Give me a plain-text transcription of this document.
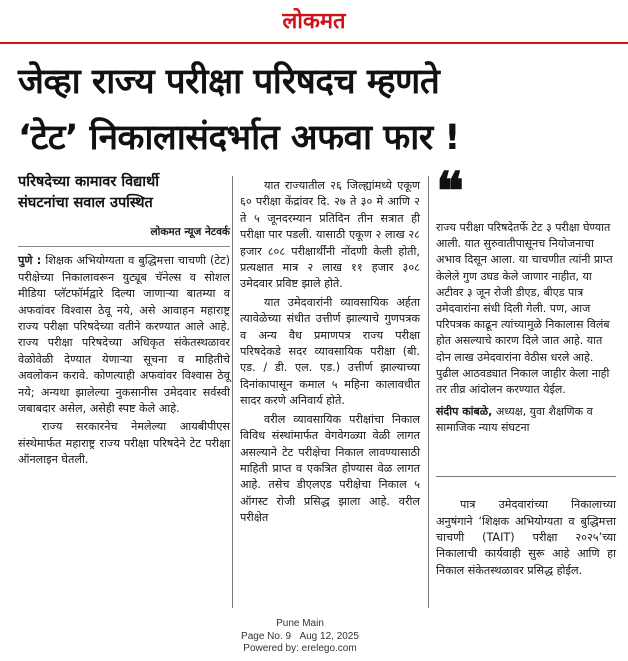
लोकमत
जेव्हा राज्य परीक्षा परिषदच म्हणते
‘टेट’ निकालासंदर्भात अफवा फार !
परिषदेच्या कामावर विद्यार्थी
संघटनांचा सवाल उपस्थित
लोकमत न्यूज नेटवर्क

पुणे : शिक्षक अभियोग्यता व बुद्धिमत्ता चाचणी (टेट) परीक्षेच्या निकालावरून युट्यूब चॅनेल्स व सोशल मीडिया प्लॅटफॉर्मद्वारे दिल्या जाणाऱ्या बातम्या व अफवांवर विश्वास ठेवू नये, असे आवाहन महाराष्ट्र राज्य परीक्षा परिषदेच्या वतीने करण्यात आले आहे. राज्य परीक्षा परिषदेच्या अधिकृत संकेतस्थळावर वेळोवेळी देण्यात येणाऱ्या सूचना व माहितीचे अवलोकन करावे. कोणत्याही अफवांवर विश्वास ठेवू नये; अन्यथा झालेल्या नुकसानीस उमेदवार सर्वस्वी जबाबदार असेल, असेही स्पष्ट केले आहे.

राज्य सरकारनेच नेमलेल्या आयबीपीएस संस्थेमार्फत महाराष्ट्र राज्य परीक्षा परिषदेने टेट परीक्षा ऑनलाइन घेतली.

यात राज्यातील २६ जिल्ह्यांमध्ये एकूण ६० परीक्षा केंद्रांवर दि. २७ ते ३० मे आणि २ ते ५ जूनदरम्यान प्रतिदिन तीन सत्रात ही परीक्षा पार पडली. यासाठी एकूण २ लाख २८ हजार ८०८ परीक्षार्थींनी नोंदणी केली होती, प्रत्यक्षात मात्र २ लाख ११ हजार ३०८ उमेदवार प्रविष्ट झाले होते.

यात उमेदवारांनी व्यावसायिक अर्हता त्यावेळेच्या संधीत उत्तीर्ण झाल्याचे गुणपत्रक व अन्य वैध प्रमाणपत्र राज्य परीक्षा परिषदेकडे सदर व्यावसायिक परीक्षा (बी. एड. / डी. एल. एड.) उत्तीर्ण झाल्याच्या दिनांकापासून कमाल ५ महिना कालावधीत सादर करणे अनिवार्य होते.

वरील व्यावसायिक परीक्षांचा निकाल विविध संस्थांमार्फत वेगवेगळ्या वेळी लागत असल्याने टेट परीक्षेचा निकाल लावण्यासाठी माहिती प्राप्त व एकत्रित होण्यास वेळ लागत आहे. तसेच डीएलएड परीक्षेचा निकाल ५ ऑगस्ट रोजी प्रसिद्ध झाला आहे. वरील परीक्षेत

❝
राज्य परीक्षा परिषदेतर्फे टेट ३ परीक्षा घेण्यात आली. यात सुरुवातीपासूनच नियोजनाचा अभाव दिसून आला. या चाचणीत त्यांनी प्राप्त केलेले गुण उघड केले जाणार नाहीत, या अटीवर ३ जून रोजी डीएड, बीएड पात्र उमेदवारांना संधी दिली गेली. पण, आज परिपत्रक काढून त्यांच्यामुळे निकालास विलंब होत असल्याचे कारण दिले जात आहे. यात दोन लाख उमेदवारांना वेठीस धरले आहे. पुढील आठवड्यात निकाल जाहीर केला नाही तर तीव्र आंदोलन करण्यात येईल.
संदीप कांबळे, अध्यक्ष, युवा शैक्षणिक व सामाजिक न्याय संघटना

पात्र उमेदवारांच्या निकालाच्या अनुषंगाने ‘शिक्षक अभियोग्यता व बुद्धिमत्ता चाचणी (TAIT) परीक्षा २०२५’च्या निकालाची कार्यवाही सुरू आहे आणि हा निकाल संकेतस्थळावर प्रसिद्ध होईल.

Pune Main
Page No. 9 Aug 12, 2025
Powered by: erelego.com
